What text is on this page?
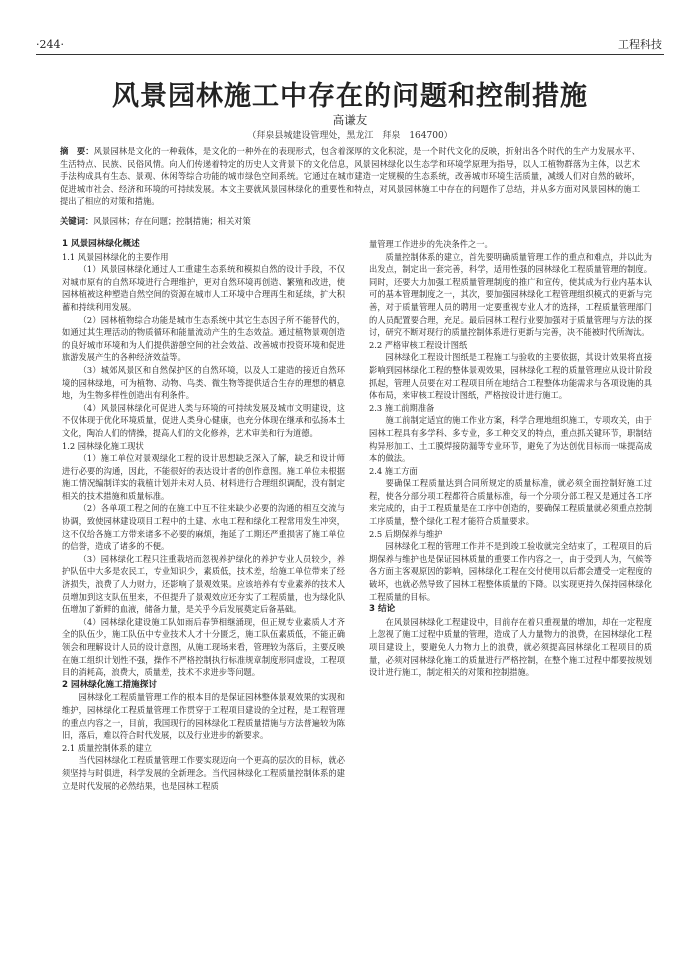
·244·	工程科技
风景园林施工中存在的问题和控制措施
高谦友
（拜泉县城建设管理处，黑龙江　拜泉　164700）
摘　要：风景园林是文化的一种载体，是文化的一种外在的表现形式，包含着深厚的文化积淀，是一个时代文化的反映，折射出各个时代的生产力发展水平、生活特点、民族、民俗风情。向人们传递着特定的历史人文背景下的文化信息，风景园林绿化以生态学和环境学原理为指导，以人工植物群落为主体，以艺术手法构成具有生态、景观、休闲等综合功能的城市绿色空间系统。它通过在城市建造一定规模的生态系统，改善城市环境生活质量，减缓人们对自然的破坏，促进城市社会、经济和环境的可持续发展。本文主要就风景园林绿化的重要性和特点，对风景园林施工中存在的问题作了总结，并从多方面对风景园林的施工提出了相应的对策和措施。
关键词：风景园林；存在问题；控制措施；相关对策
1 风景园林绿化概述
1.1 风景园林绿化的主要作用

（1）风景园林绿化通过人工重建生态系统和模拟自然的设计手段，不仅对城市原有的自然环境进行合理维护，更对自然环境再创造、繁殖和改进，使园林植被这种塑造自然空间的资源在城市人工环境中合理再生和延续，扩大积蓄和持续利用发展。

（2）园林植物综合功能是城市生态系统中其它生态因子所不能替代的，如通过其生理活动的物质循环和能量流动产生的生态效益。通过植物景观创造的良好城市环境和为人们提供游憩空间的社会效益、改善城市投资环境和促进旅游发展产生的各种经济效益等。

（3）城郊风景区和自然保护区的自然环境，以及人工建造的接近自然环境的园林绿地，可为植物、动物、鸟类、微生物等提供适合生存的理想的栖息地，为生物多样性创造出有利条件。

（4）风景园林绿化可促进人类与环境的可持续发展及城市文明建设，这不仅体现于优化环境质量，促进人类身心健康，也充分体现在继承和弘扬本土文化，陶冶人们的情操，提高人们的文化修养，艺术审美和行为道德。

1.2 园林绿化施工现状

（1）施工单位对景观绿化工程的设计思想缺乏深入了解，缺乏和设计师进行必要的沟通，因此，不能很好的表达设计者的创作意图。施工单位未根据施工情况编制详实的栽植计划并未对人员、材料进行合理组织调配，没有制定相关的技术措施和质量标准。

（2）各单项工程之间的在施工中互不往来缺少必要的沟通的相互交流与协调，致使园林建设项目工程中的土建、水电工程和绿化工程常用发生冲突，这不仅给各施工方带来诸多不必要的麻烦，拖延了工期还严重损害了施工单位的信誉，造成了诸多的不便。

（3）园林绿化工程只注重栽培而忽视养护绿化的养护专业人员较少，养护队伍中大多是农民工，专业知识少，素质低，技术差，给施工单位带来了经济损失，浪费了人力财力，还影响了景观效果。应该培养有专业素养的技术人员增加到这支队伍里来，不但提升了景观效应还夯实了工程质量，也为绿化队伍增加了新鲜的血液，储备力量，是关乎今后发展奠定后备基础。

（4）园林绿化建设施工队如雨后春笋相继涌现，但正规专业素质人才齐全的队伍少，施工队伍中专业技术人才十分匮乏，施工队伍素质低，不能正确领会和理解设计人员的设计意图，从施工现场来看，管理较为落后，主要反映在施工组织计划性不强，操作不严格控制执行标准规章制度形同虚设，工程项目的消耗高，浪费大，质量差，技术不求进步等问题。

2 园林绿化施工措施探讨

园林绿化工程质量管理工作的根本目的是保证园林整体景观效果的实现和维护，园林绿化工程质量管理工作贯穿于工程项目建设的全过程，是工程管理的重点内容之一，目前，我国现行的园林绿化工程质量措施与方法普遍较为陈旧，落后，难以符合时代发展，以及行业进步的新要求。

2.1 质量控制体系的建立

当代园林绿化工程质量管理工作要实现迈向一个更高的层次的目标，就必须坚持与时俱进，科学发展的全新理念。当代园林绿化工程质量控制体系的建立是时代发展的必然结果，也是园林工程质

量管理工作进步的先决条件之一。

质量控制体系的建立，首先要明确质量管理工作的重点和难点，并以此为出发点，制定出一套完善，科学，适用性强的园林绿化工程质量管理的制度。同时，还要大力加强工程质量管理制度的推广和宣传，使其成为行业内基本认可的基本管理制度之一，其次，要加强园林绿化工程管理组织模式的更新与完善，对于质量管理人员的聘用一定要重视专业人才的选择，工程质量管理部门的人员配置要合理，充足。最后园林工程行业要加强对于质量管理与方法的探讨，研究不断对现行的质量控制体系进行更新与完善，决不能被时代所淘汰。

2.2 严格审核工程设计图纸

园林绿化工程设计图纸是工程施工与验收的主要依据，其设计效果将直接影响到园林绿化工程的整体景观效果，园林绿化工程的质量管理应从设计阶段抓起，管理人员要在对工程项目所在地结合工程整体功能需求与各项设施的具体布局，来审核工程设计图纸，严格按设计进行施工。

2.3 施工前期准备

施工前制定适宜的施工作业方案，科学合理地组织施工，专项攻关，由于园林工程具有多学科、多专业，多工种交叉的特点，重点抓关键环节，职制结构异形加工、土工膜焊接防漏等专业环节，避免了为达创优目标而一味提高成本的做法。

2.4 施工方面

要确保工程质量达到合同所规定的质量标准，就必须全面控制好施工过程，使各分部分项工程都符合质量标准，每一个分项分部工程又是通过各工序来完成的，由于工程质量是在工序中创造的，要确保工程质量就必须重点控制工序质量，整个绿化工程才能符合质量要求。

2.5 后期保养与维护

园林绿化工程的管理工作并不是到竣工验收就完全结束了，工程项目的后期保养与维护也是保证园林质量的重要工作内容之一，由于受到人为，气候等各方面主客观原因的影响，园林绿化工程在交付使用以后都会遭受一定程度的破坏，也就必然导致了园林工程整体质量的下降。以实现更持久保持园林绿化工程质量的目标。

3 结论

在风景园林绿化工程建设中，目前存在着只重视量的增加，却在一定程度上忽视了施工过程中质量的管理，造成了人力量物力的浪费，在园林绿化工程项目建设上，要避免人力物力上的浪费，就必须提高园林绿化工程项目的质量，必须对园林绿化施工的质量进行严格控制，在整个施工过程中都要按规划设计进行施工，制定相关的对策和控制措施。
